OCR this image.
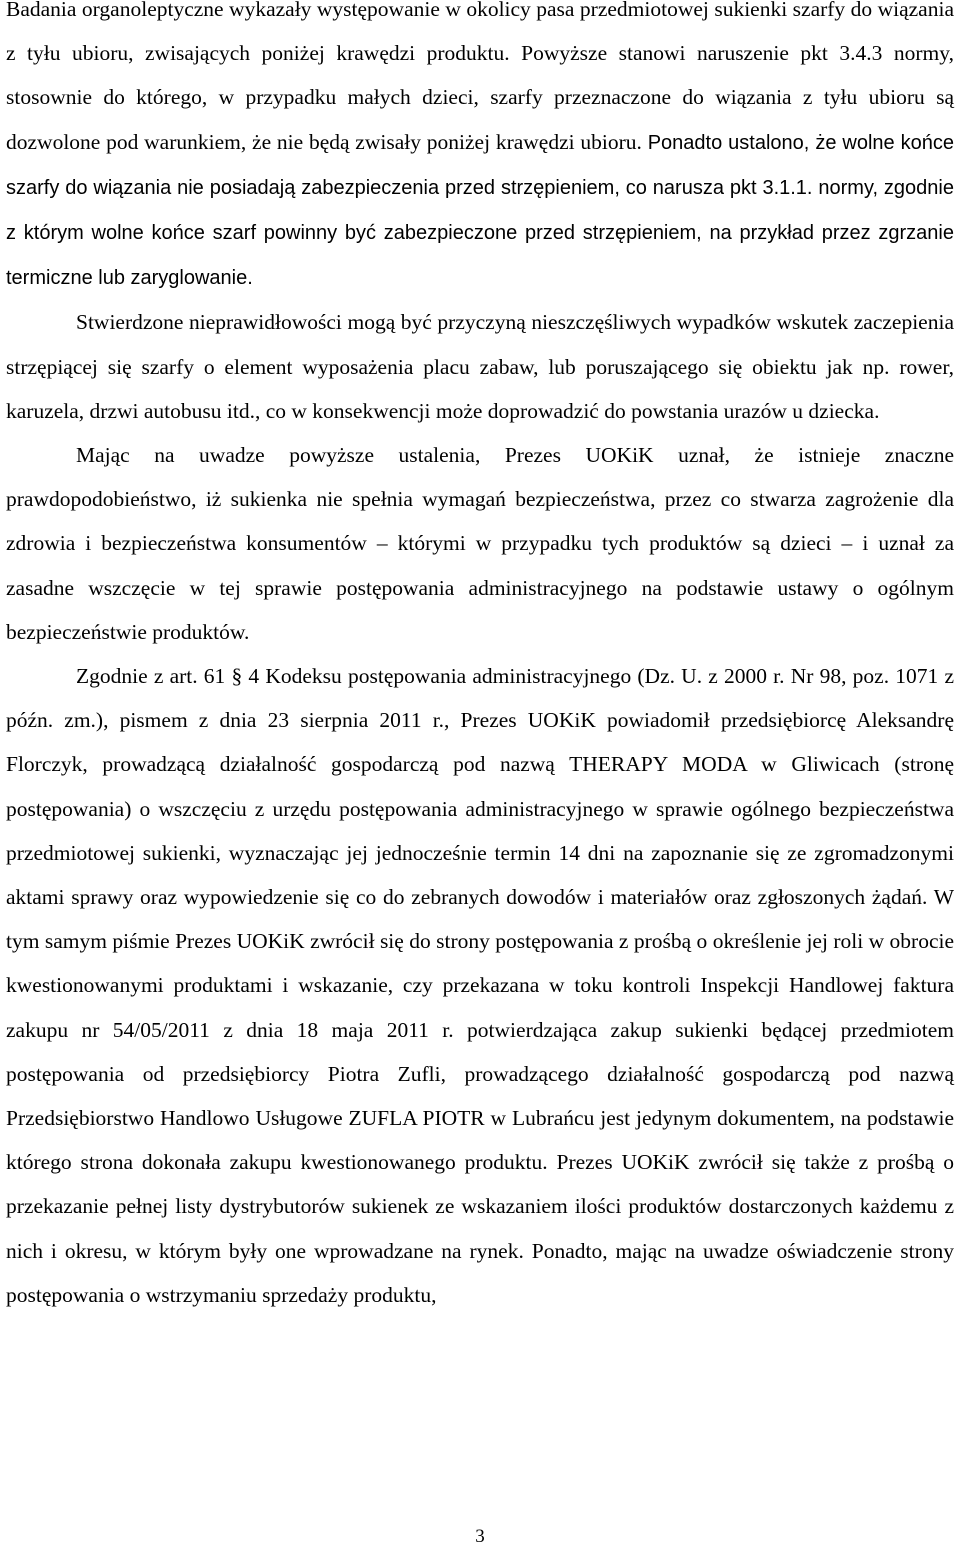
Badania organoleptyczne wykazały występowanie w okolicy pasa przedmiotowej sukienki szarfy do wiązania z tyłu ubioru, zwisających poniżej krawędzi produktu. Powyższe stanowi naruszenie pkt 3.4.3 normy, stosownie do którego, w przypadku małych dzieci, szarfy przeznaczone do wiązania z tyłu ubioru są dozwolone pod warunkiem, że nie będą zwisały poniżej krawędzi ubioru. Ponadto ustalono, że wolne końce szarfy do wiązania nie posiadają zabezpieczenia przed strzępieniem, co narusza pkt 3.1.1. normy, zgodnie z którym wolne końce szarf powinny być zabezpieczone przed strzępieniem, na przykład przez zgrzanie termiczne lub zaryglowanie.

Stwierdzone nieprawidłowości mogą być przyczyną nieszczęśliwych wypadków wskutek zaczepienia strzępiącej się szarfy o element wyposażenia placu zabaw, lub poruszającego się obiektu jak np. rower, karuzela, drzwi autobusu itd., co w konsekwencji może doprowadzić do powstania urazów u dziecka.

Mając na uwadze powyższe ustalenia, Prezes UOKiK uznał, że istnieje znaczne prawdopodobieństwo, iż sukienka nie spełnia wymagań bezpieczeństwa, przez co stwarza zagrożenie dla zdrowia i bezpieczeństwa konsumentów – którymi w przypadku tych produktów są dzieci – i uznał za zasadne wszczęcie w tej sprawie postępowania administracyjnego na podstawie ustawy o ogólnym bezpieczeństwie produktów.

Zgodnie z art. 61 § 4 Kodeksu postępowania administracyjnego (Dz. U. z 2000 r. Nr 98, poz. 1071 z późn. zm.), pismem z dnia 23 sierpnia 2011 r., Prezes UOKiK powiadomił przedsiębiorcę Aleksandrę Florczyk, prowadzącą działalność gospodarczą pod nazwą THERAPY MODA w Gliwicach (stronę postępowania) o wszczęciu z urzędu postępowania administracyjnego w sprawie ogólnego bezpieczeństwa przedmiotowej sukienki, wyznaczając jej jednocześnie termin 14 dni na zapoznanie się ze zgromadzonymi aktami sprawy oraz wypowiedzenie się co do zebranych dowodów i materiałów oraz zgłoszonych żądań. W tym samym piśmie Prezes UOKiK zwrócił się do strony postępowania z prośbą o określenie jej roli w obrocie kwestionowanymi produktami i wskazanie, czy przekazana w toku kontroli Inspekcji Handlowej faktura zakupu nr 54/05/2011 z dnia 18 maja 2011 r. potwierdzająca zakup sukienki będącej przedmiotem postępowania od przedsiębiorcy Piotra Zufli, prowadzącego działalność gospodarczą pod nazwą Przedsiębiorstwo Handlowo Usługowe ZUFLA PIOTR w Lubrańcu jest jedynym dokumentem, na podstawie którego strona dokonała zakupu kwestionowanego produktu. Prezes UOKiK zwrócił się także z prośbą o przekazanie pełnej listy dystrybutorów sukienek ze wskazaniem ilości produktów dostarczonych każdemu z nich i okresu, w którym były one wprowadzane na rynek. Ponadto, mając na uwadze oświadczenie strony postępowania o wstrzymaniu sprzedaży produktu,

3
